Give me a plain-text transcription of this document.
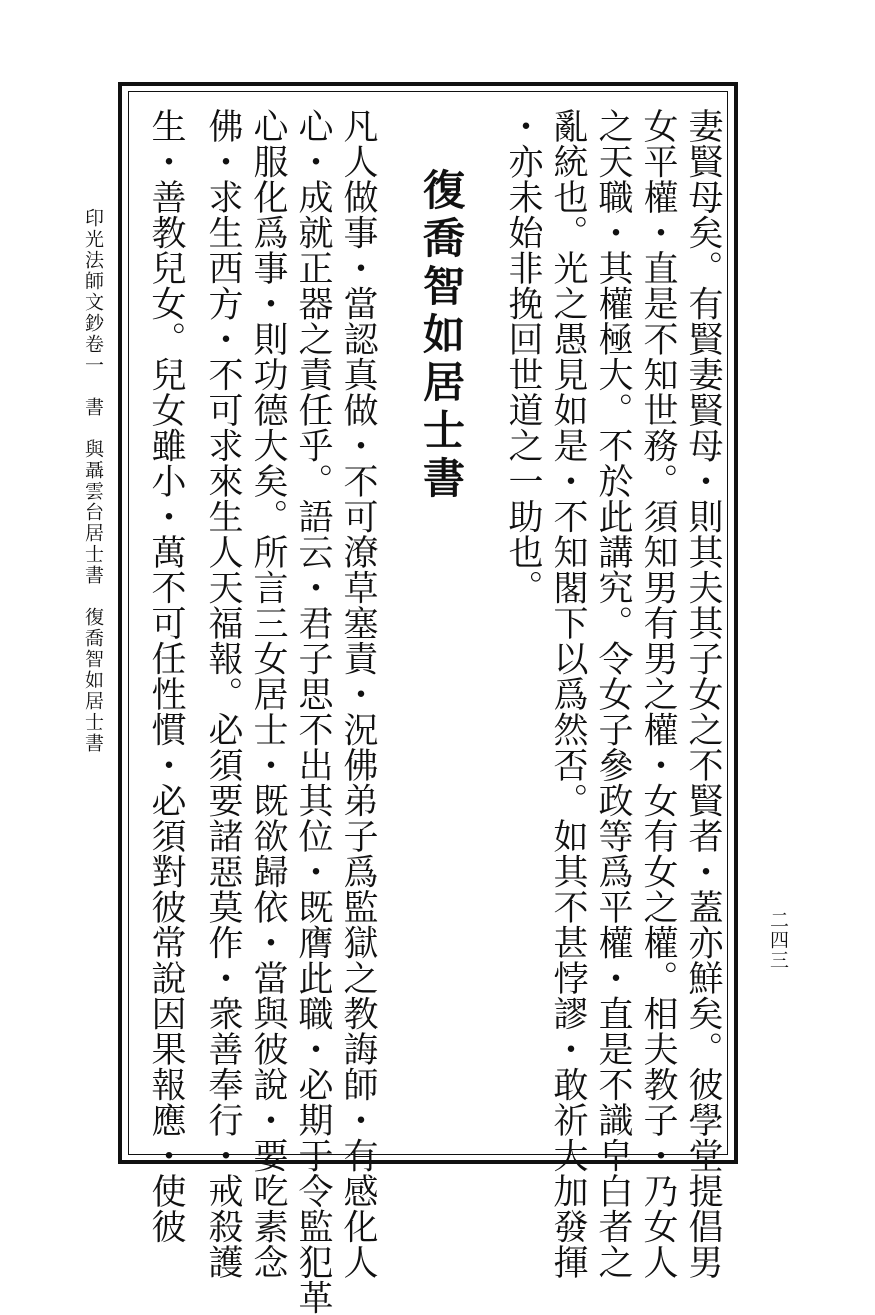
妻賢母矣。有賢妻賢母・則其夫其子女之不賢者・蓋亦鮮矣。彼學堂提倡男
女平權・直是不知世務。須知男有男之權・女有女之權。相夫教子・乃女人
之天職・其權極大。不於此講究。令女子參政等爲平權・直是不識皁白者之
亂統也。光之愚見如是・不知閣下以爲然否。如其不甚悖謬・敢祈大加發揮
・亦未始非挽回世道之一助也。
復喬智如居士書
凡人做事・當認真做・不可潦草塞責・況佛弟子爲監獄之教誨師・有感化人
心・成就正器之責任乎。語云・君子思不出其位・既膺此職・必期于令監犯革
心服化爲事・則功德大矣。所言三女居士・既欲歸依・當與彼說・要吃素念
佛・求生西方・不可求來生人天福報。必須要諸惡莫作・衆善奉行・戒殺護
生・善教兒女。兒女雖小・萬不可任性慣・必須對彼常說因果報應・使彼
印光法師文鈔卷一　書　與聶雲台居士書　復喬智如居士書
二四三
